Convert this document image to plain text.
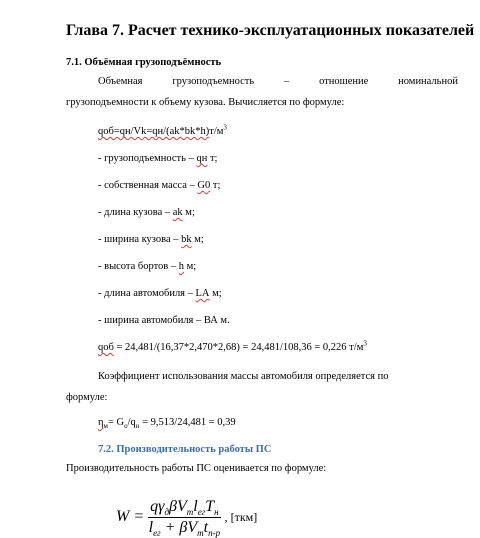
Глава 7. Расчет технико-эксплуатационных показателей
7.1. Объёмная грузоподъёмность
Объемная	грузоподъемность	–	отношение	номинальной
грузоподъемности к объему кузова. Вычисляется по формуле:
$qоб=qн/Vk=qн/(ak*bk*h)т/м^3$
- грузоподъемность – qн т;
- собственная масса – G0 т;
- длина кузова – ak м;
- ширина кузова – bk м;
- высота бортов – h м;
- длина автомобиля – LА м;
- ширина автомобиля – ВА м.
qоб = 24,481/(16,37*2,470*2,68) = 24,481/108,36 = 0,226 $т/м^3$
Коэффициент использования массы автомобиля определяется по
формуле:
$\eta_м= G_о/q_н = 9,513/24,481 = 0,39$
7.2. Производительность работы ПС
Производительность работы ПС оценивается по формуле:
$W = \frac{q\gamma_д\beta V_тl_{ег}T_н}{l_{ег} + \beta V_тt_{п-р}}$ , [ткм]
